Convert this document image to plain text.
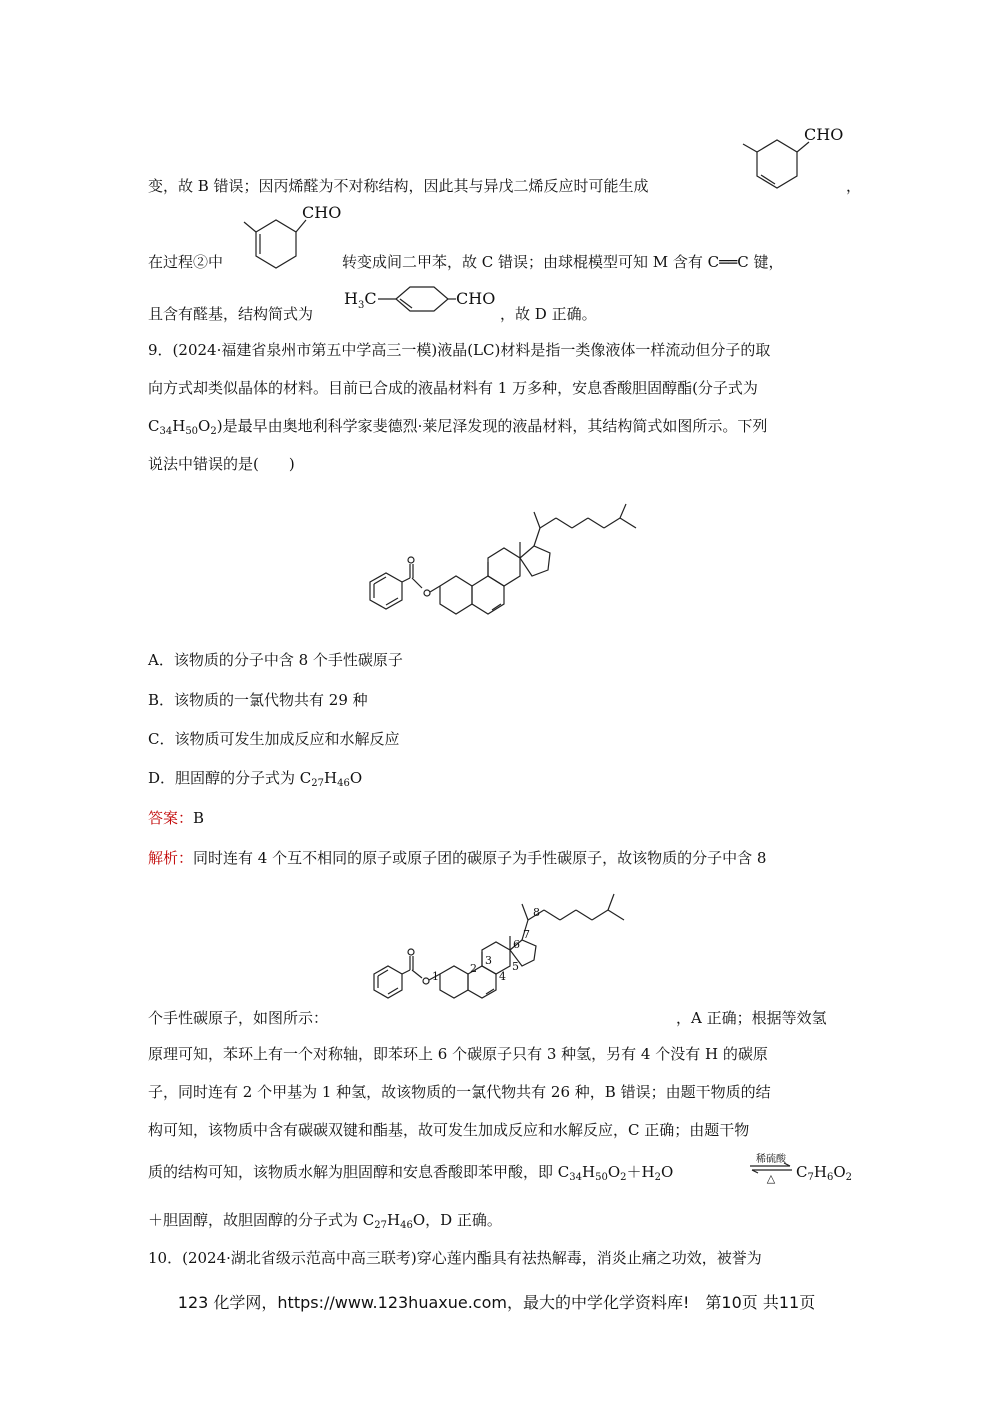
变，故 B 错误；因丙烯醛为不对称结构，因此其与异戊二烯反应时可能生成	，
CHO
在过程②中	转变成间二甲苯，故 C 错误；由球棍模型可知 M 含有 C══C 键，
CHO
且含有醛基，结构简式为
$H_3C$	CHO
，故 D 正确。
9．(2024·福建省泉州市第五中学高三一模)液晶(LC)材料是指一类像液体一样流动但分子的取
向方式却类似晶体的材料。目前已合成的液晶材料有 1 万多种，安息香酸胆固醇酯(分子式为
$C_{34}H_{50}O_2$)是最早由奥地利科学家斐德烈·莱尼泽发现的液晶材料，其结构简式如图所示。下列
说法中错误的是(　　)
A．该物质的分子中含 8 个手性碳原子
B．该物质的一氯代物共有 29 种
C．该物质可发生加成反应和水解反应
D．胆固醇的分子式为 $C_{27}H_{46}O$
答案：B
解析：同时连有 4 个互不相同的原子或原子团的碳原子为手性碳原子，故该物质的分子中含 8
1
2
3
4
5
6
7
8
个手性碳原子，如图所示：	，A 正确；根据等效氢
原理可知，苯环上有一个对称轴，即苯环上 6 个碳原子只有 3 种氢，另有 4 个没有 H 的碳原
子，同时连有 2 个甲基为 1 种氢，故该物质的一氯代物共有 26 种，B 错误；由题干物质的结
构可知，该物质中含有碳碳双键和酯基，故可发生加成反应和水解反应，C 正确；由题干物
质的结构可知，该物质水解为胆固醇和安息香酸即苯甲酸，即 $C_{34}H_{50}O_2+H_2O$
稀硫酸
△	$C_7H_6O_2$
＋胆固醇，故胆固醇的分子式为 $C_{27}H_{46}O$，D 正确。
10．(2024·湖北省级示范高中高三联考)穿心莲内酯具有祛热解毒，消炎止痛之功效，被誉为
123 化学网，https://www.123huaxue.com，最大的中学化学资料库!　第10页 共11页
